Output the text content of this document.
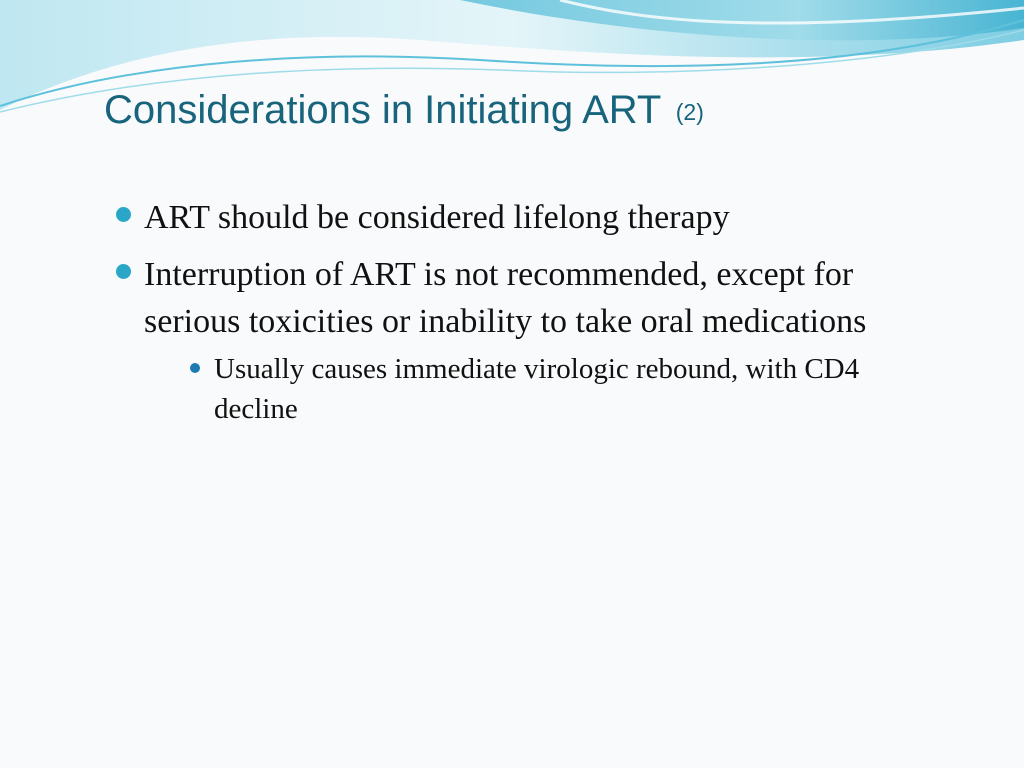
Considerations in Initiating ART (2)
ART should be considered lifelong therapy
Interruption of ART is not recommended, except for serious toxicities or inability to take oral medications
Usually causes immediate virologic rebound, with CD4 decline
